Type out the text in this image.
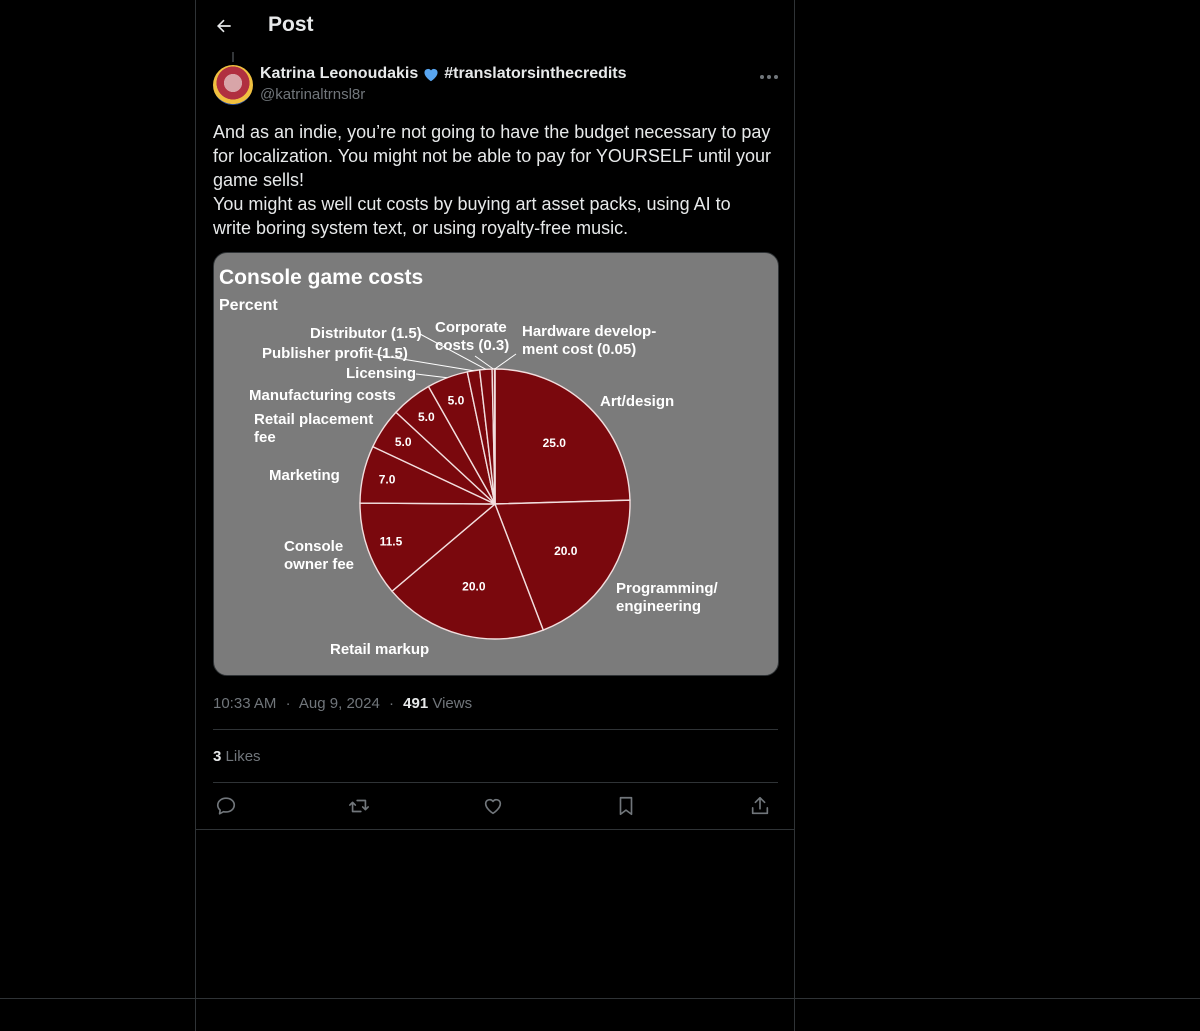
Post
Katrina Leonoudakis #translatorsinthecredits
@katrinaltrnsl8r

And as an indie, you’re not going to have the budget necessary to pay for localization. You might not be able to pay for YOURSELF until your game sells!

You might as well cut costs by buying art asset packs, using AI to write boring system text, or using royalty-free music.

Console game costs
Percent
25.0
20.0
20.0
11.5
7.0
5.0
5.0
5.0	Art/design
Programming/ engineering
Retail markup
Console owner fee
Marketing
Retail placement fee
Manufacturing costs
Licensing
Publisher profit (1.5)
Distributor (1.5) Corporate costs (0.3)
Hardware develop-ment cost (0.05)
10:33 AM · Aug 9, 2024 · 491 Views
3 Likes
